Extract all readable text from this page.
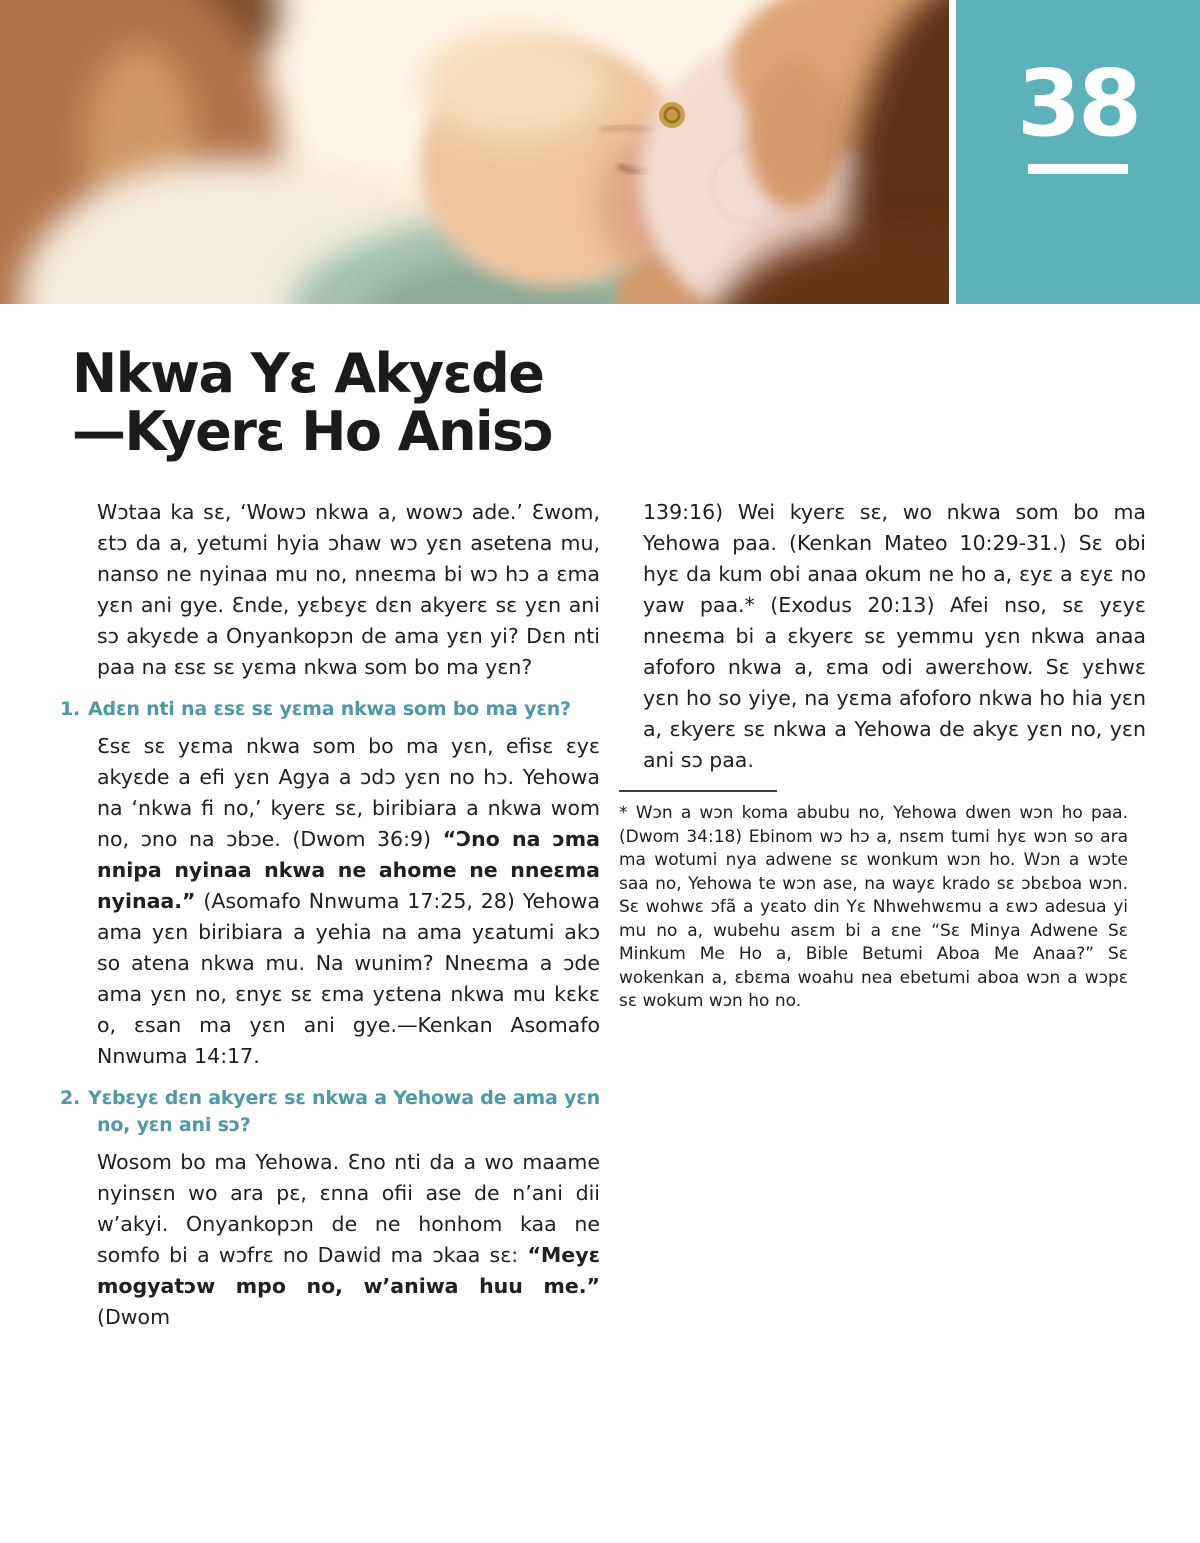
38
Nkwa Yɛ Akyɛde
—Kyerɛ Ho Anisɔ

Wɔtaa ka sɛ, ‘Wowɔ nkwa a, wowɔ ade.’ Ɛwom, ɛtɔ da a, yetumi hyia ɔhaw wɔ yɛn asetena mu, nanso ne nyinaa mu no, nneɛma bi wɔ hɔ a ɛma yɛn ani gye. Ɛnde, yɛbɛyɛ dɛn akyerɛ sɛ yɛn ani sɔ akyɛde a Onyankopɔn de ama yɛn yi? Dɛn nti paa na ɛsɛ sɛ yɛma nkwa som bo ma yɛn?

1. Adɛn nti na ɛsɛ sɛ yɛma nkwa som bo ma yɛn?

Ɛsɛ sɛ yɛma nkwa som bo ma yɛn, efisɛ ɛyɛ akyɛde a efi yɛn Agya a ɔdɔ yɛn no hɔ. Yehowa na ‘nkwa fi no,’ kyerɛ sɛ, biribiara a nkwa wom no, ɔno na ɔbɔe. (Dwom 36:9) “Ɔno na ɔma nnipa nyinaa nkwa ne ahome ne nneɛma nyinaa.” (Asomafo Nnwuma 17:25, 28) Yehowa ama yɛn biribiara a yehia na ama yɛatumi akɔ so atena nkwa mu. Na wunim? Nneɛma a ɔde ama yɛn no, ɛnyɛ sɛ ɛma yɛtena nkwa mu kɛkɛ o, ɛsan ma yɛn ani gye.—Kenkan Asomafo Nnwuma 14:17.

2. Yɛbɛyɛ dɛn akyerɛ sɛ nkwa a Yehowa de ama yɛn no, yɛn ani sɔ?

Wosom bo ma Yehowa. Ɛno nti da a wo maame nyinsɛn wo ara pɛ, ɛnna ofii ase de n’ani dii w’akyi. Onyankopɔn de ne honhom kaa ne somfo bi a wɔfrɛ no Dawid ma ɔkaa sɛ: “Meyɛ mogyatɔw mpo no, w’aniwa huu me.” (Dwom

139:16) Wei kyerɛ sɛ, wo nkwa som bo ma Yehowa paa. (Kenkan Mateo 10:29-31.) Sɛ obi hyɛ da kum obi anaa okum ne ho a, ɛyɛ a ɛyɛ no yaw paa.* (Exodus 20:13) Afei nso, sɛ yɛyɛ nneɛma bi a ɛkyerɛ sɛ yemmu yɛn nkwa anaa afoforo nkwa a, ɛma odi awerɛhow. Sɛ yɛhwɛ yɛn ho so yiye, na yɛma afoforo nkwa ho hia yɛn a, ɛkyerɛ sɛ nkwa a Yehowa de akyɛ yɛn no, yɛn ani sɔ paa.

* Wɔn a wɔn koma abubu no, Yehowa dwen wɔn ho paa. (Dwom 34:18) Ebinom wɔ hɔ a, nsɛm tumi hyɛ wɔn so ara ma wotumi nya adwene sɛ wonkum wɔn ho. Wɔn a wɔte saa no, Yehowa te wɔn ase, na wayɛ krado sɛ ɔbɛboa wɔn. Sɛ wohwɛ ɔfã a yɛato din Yɛ Nhwehwɛmu a ɛwɔ adesua yi mu no a, wubehu asɛm bi a ɛne “Sɛ Minya Adwene Sɛ Minkum Me Ho a, Bible Betumi Aboa Me Anaa?” Sɛ wokenkan a, ɛbɛma woahu nea ebetumi aboa wɔn a wɔpɛ sɛ wokum wɔn ho no.
